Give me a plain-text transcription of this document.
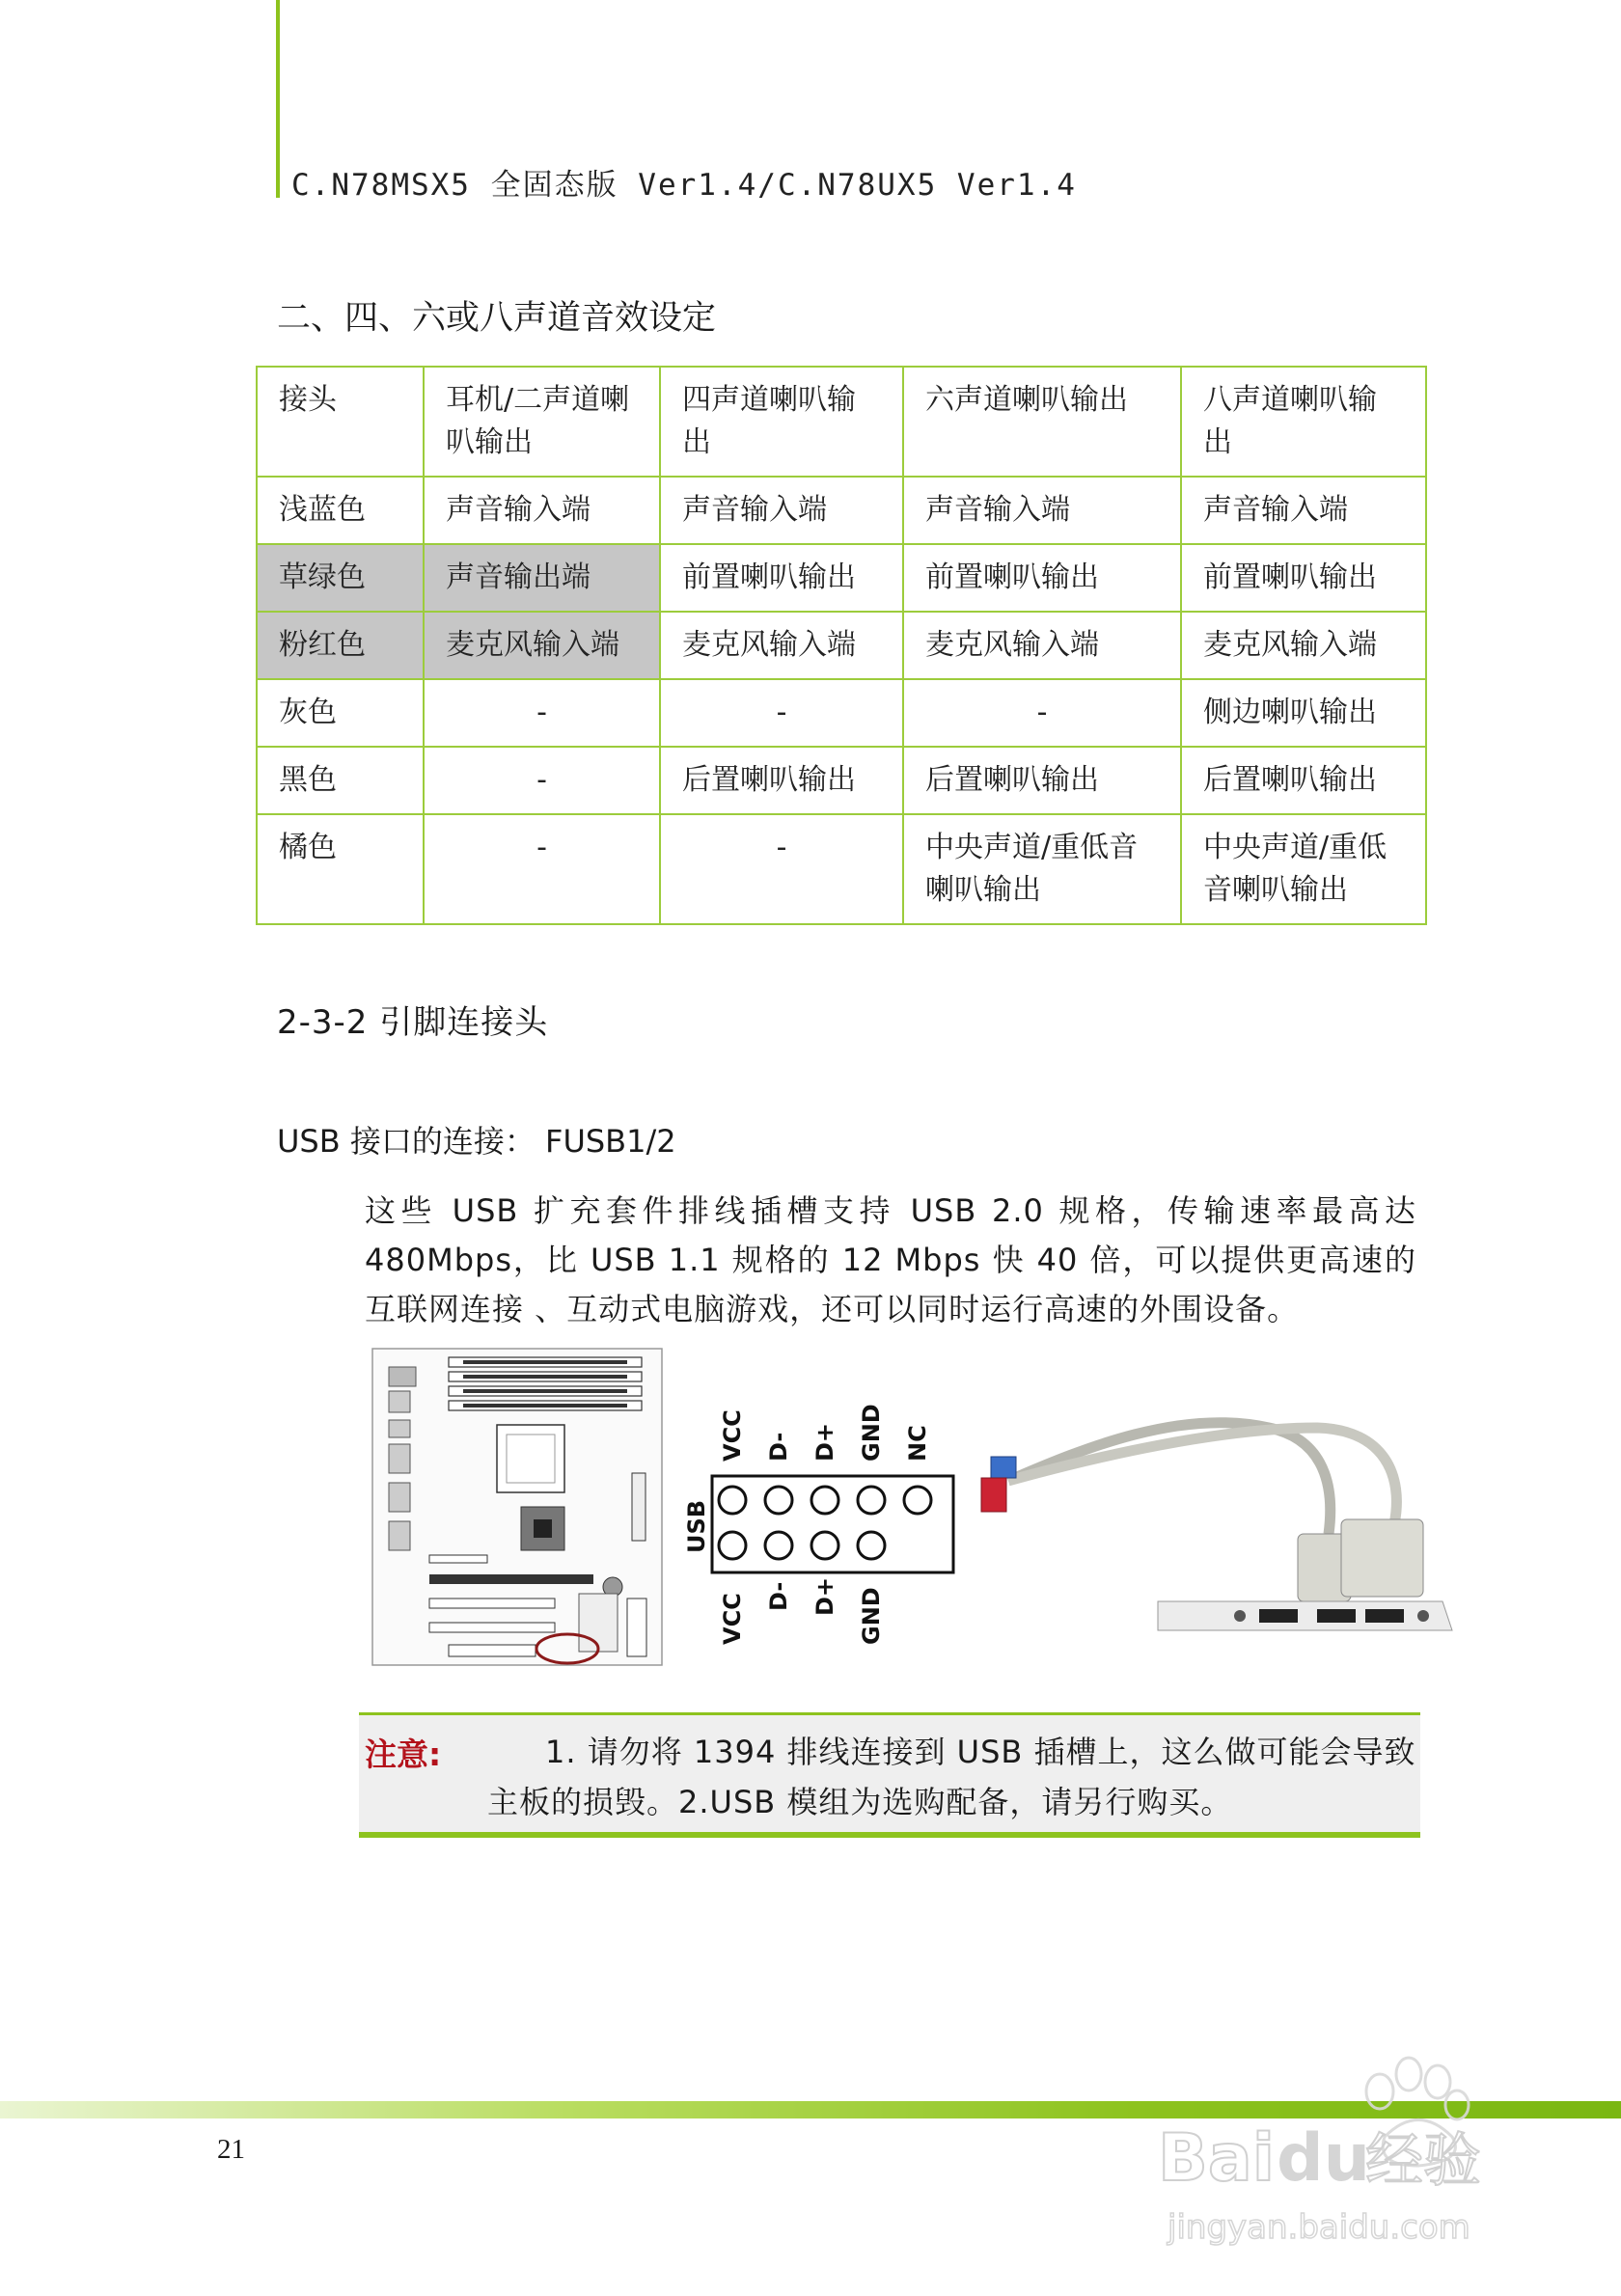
C.N78MSX5 全固态版 Ver1.4/C.N78UX5 Ver1.4
二、四、六或八声道音效设定
接头	耳机/二声道喇叭输出	四声道喇叭输出	六声道喇叭输出	八声道喇叭输出
浅蓝色	声音输入端	声音输入端	声音输入端	声音输入端
草绿色	声音输出端	前置喇叭输出	前置喇叭输出	前置喇叭输出
粉红色	麦克风输入端	麦克风输入端	麦克风输入端	麦克风输入端
灰色	-	-	-	侧边喇叭输出
黑色	-	后置喇叭输出	后置喇叭输出	后置喇叭输出
橘色	-	-	中央声道/重低音喇叭输出	中央声道/重低音喇叭输出
2-3-2 引脚连接头
USB 接口的连接： FUSB1/2
这些 USB 扩充套件排线插槽支持 USB 2.0 规格，传输速率最高达 480Mbps，比 USB 1.1 规格的 12 Mbps 快 40 倍，可以提供更高速的互联网连接 、互动式电脑游戏，还可以同时运行高速的外围设备。
USB
VCC D- D+ GND NC
VCC D- D+ GND
注意:	1. 请勿将 1394 排线连接到 USB 插槽上，这么做可能会导致主板的损毁。2.USB 模组为选购配备，请另行购买。
21	Bai du
经验
jingyan.baidu.com
